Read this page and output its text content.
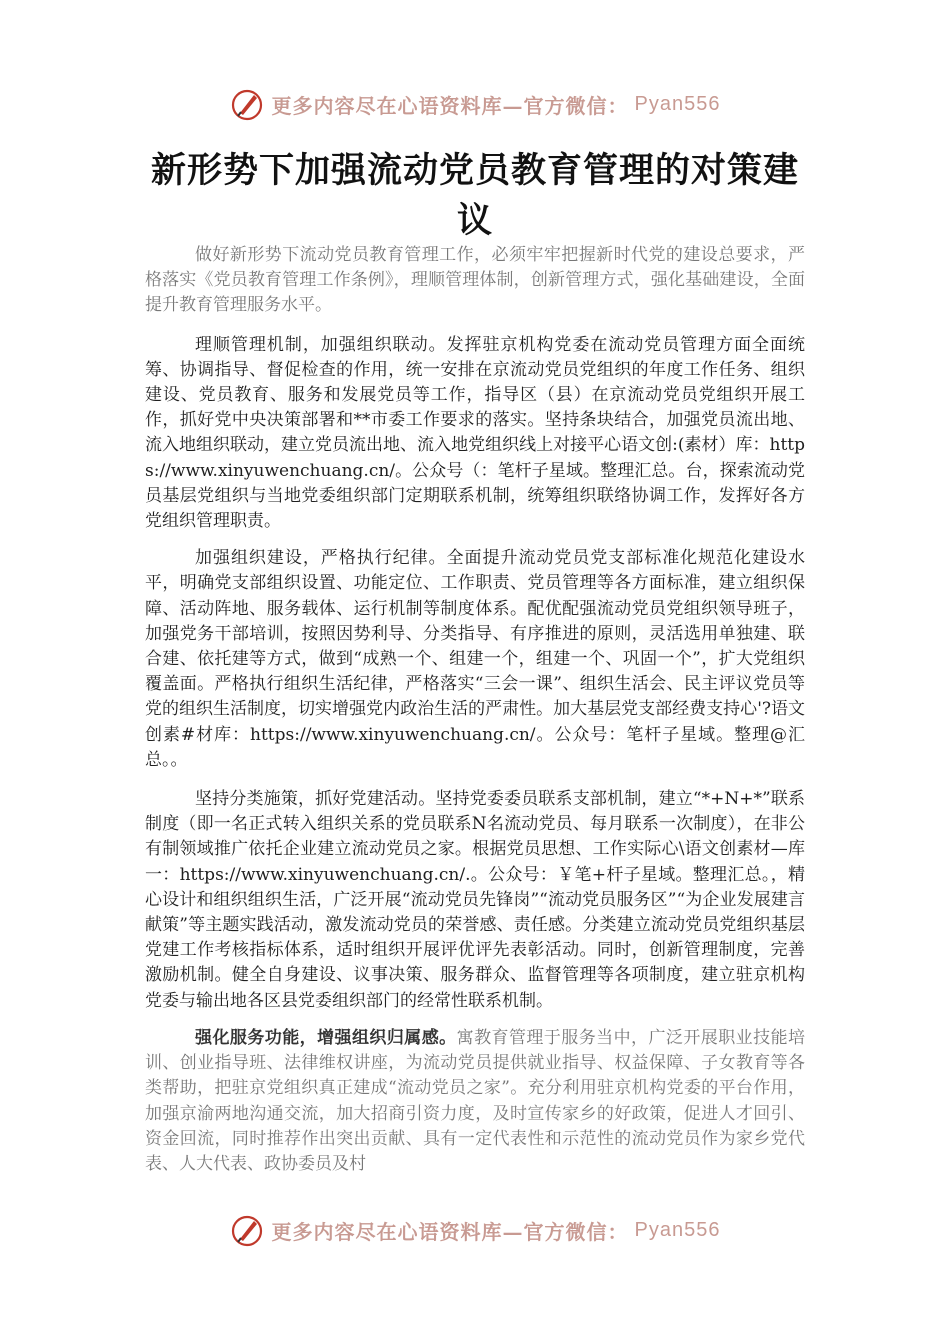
更多内容尽在心语资料库—官方微信： Pyan556
新形势下加强流动党员教育管理的对策建议

做好新形势下流动党员教育管理工作，必须牢牢把握新时代党的建设总要求，严格落实《党员教育管理工作条例》，理顺管理体制，创新管理方式，强化基础建设，全面提升教育管理服务水平。

理顺管理机制，加强组织联动。发挥驻京机构党委在流动党员管理方面全面统筹、协调指导、督促检查的作用，统一安排在京流动党员党组织的年度工作任务、组织建设、党员教育、服务和发展党员等工作，指导区（县）在京流动党员党组织开展工作，抓好党中央决策部署和**市委工作要求的落实。坚持条块结合，加强党员流出地、流入地组织联动，建立党员流出地、流入地党组织线上对接平心语文创:(素材）库：https://www.xinyuwenchuang.cn/。公众号（：笔杆子星域。整理汇总。台，探索流动党员基层党组织与当地党委组织部门定期联系机制，统筹组织联络协调工作，发挥好各方党组织管理职责。

加强组织建设，严格执行纪律。全面提升流动党员党支部标准化规范化建设水平，明确党支部组织设置、功能定位、工作职责、党员管理等各方面标准，建立组织保障、活动阵地、服务载体、运行机制等制度体系。配优配强流动党员党组织领导班子，加强党务干部培训，按照因势利导、分类指导、有序推进的原则，灵活选用单独建、联合建、依托建等方式，做到“成熟一个、组建一个，组建一个、巩固一个”，扩大党组织覆盖面。严格执行组织生活纪律，严格落实“三会一课”、组织生活会、民主评议党员等党的组织生活制度，切实增强党内政治生活的严肃性。加大基层党支部经费支持心'?语文创素#材库：https://www.xinyuwenchuang.cn/。公众号：笔杆子星域。整理@汇总。。

坚持分类施策，抓好党建活动。坚持党委委员联系支部机制，建立“*+N+*”联系制度（即一名正式转入组织关系的党员联系N名流动党员、每月联系一次制度），在非公有制领域推广依托企业建立流动党员之家。根据党员思想、工作实际心\语文创素材—库一：https://www.xinyuwenchuang.cn/.。公众号：￥笔+杆子星域。整理汇总。，精心设计和组织组织生活，广泛开展“流动党员先锋岗”“流动党员服务区”“为企业发展建言献策”等主题实践活动，激发流动党员的荣誉感、责任感。分类建立流动党员党组织基层党建工作考核指标体系，适时组织开展评优评先表彰活动。同时，创新管理制度，完善激励机制。健全自身建设、议事决策、服务群众、监督管理等各项制度，建立驻京机构党委与输出地各区县党委组织部门的经常性联系机制。

强化服务功能，增强组织归属感。寓教育管理于服务当中，广泛开展职业技能培训、创业指导班、法律维权讲座，为流动党员提供就业指导、权益保障、子女教育等各类帮助，把驻京党组织真正建成“流动党员之家”。充分利用驻京机构党委的平台作用，加强京渝两地沟通交流，加大招商引资力度，及时宣传家乡的好政策，促进人才回引、资金回流，同时推荐作出突出贡献、具有一定代表性和示范性的流动党员作为家乡党代表、人大代表、政协委员及村

更多内容尽在心语资料库—官方微信： Pyan556
